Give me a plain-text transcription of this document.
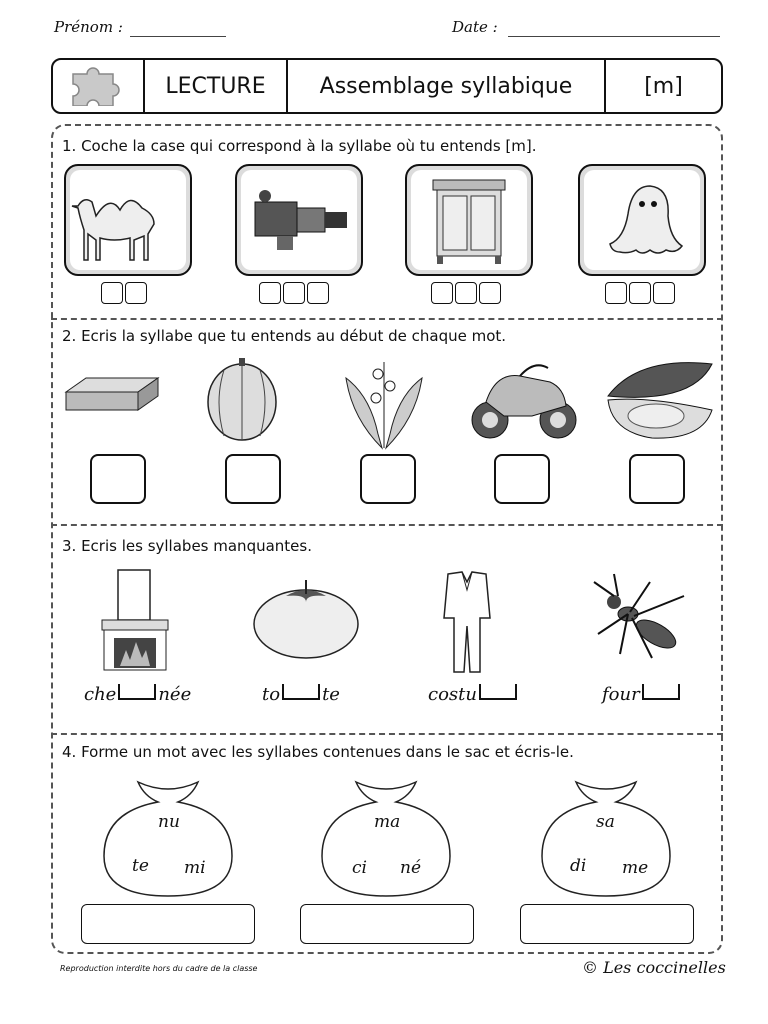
Prénom :	Date :
LECTURE	Assemblage syllabique	[m]
1. Coche la case qui correspond à la syllabe où tu entends [m].
2. Ecris la syllabe que tu entends au début de chaque mot.
3. Ecris les syllabes manquantes.
che née	to te	costu	four
4. Forme un mot avec les syllabes contenues dans le sac et écris-le.
nu
te mi
ma
ci né
sa
di me
Reproduction interdite hors du cadre de la classe	© Les coccinelles
